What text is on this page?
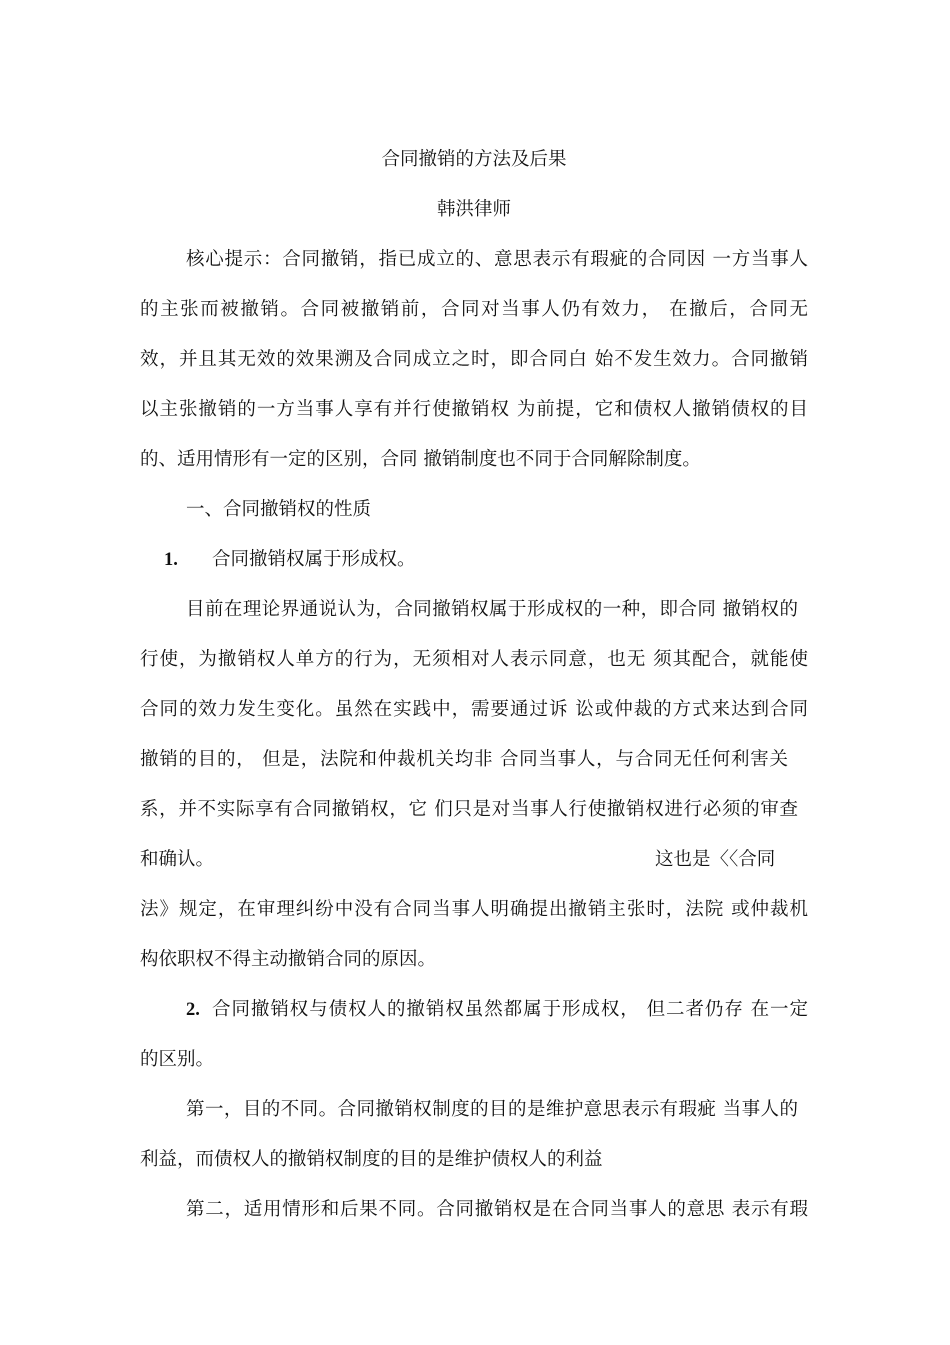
合同撤销的方法及后果
韩洪律师
核心提示：合同撤销，指已成立的、意思表示有瑕疵的合同因 一方当事人
的主张而被撤销。合同被撤销前，合同对当事人仍有效力， 在撤后，合同无
效，并且其无效的效果溯及合同成立之时，即合同白 始不发生效力。合同撤销
以主张撤销的一方当事人享有并行使撤销权 为前提，它和债权人撤销债权的目
的、适用情形有一定的区别，合同 撤销制度也不同于合同解除制度。
一、合同撤销权的性质
1.	合同撤销权属于形成权。
目前在理论界通说认为，合同撤销权属于形成权的一种，即合同 撤销权的
行使，为撤销权人单方的行为，无须相对人表示同意，也无 须其配合，就能使
合同的效力发生变化。虽然在实践中，需要通过诉 讼或仲裁的方式来达到合同
撤销的目的， 但是，法院和仲裁机关均非 合同当事人，与合同无任何利害关
系，并不实际享有合同撤销权，它 们只是对当事人行使撤销权进行必须的审查
和确认。	这也是〈〈合同
法》规定，在审理纠纷中没有合同当事人明确提出撤销主张时，法院 或仲裁机
构依职权不得主动撤销合同的原因。
2. 合同撤销权与债权人的撤销权虽然都属于形成权， 但二者仍存 在一定
的区别。
第一，目的不同。合同撤销权制度的目的是维护意思表示有瑕疵 当事人的
利益，而债权人的撤销权制度的目的是维护债权人的利益
第二，适用情形和后果不同。合同撤销权是在合同当事人的意思 表示有瑕
